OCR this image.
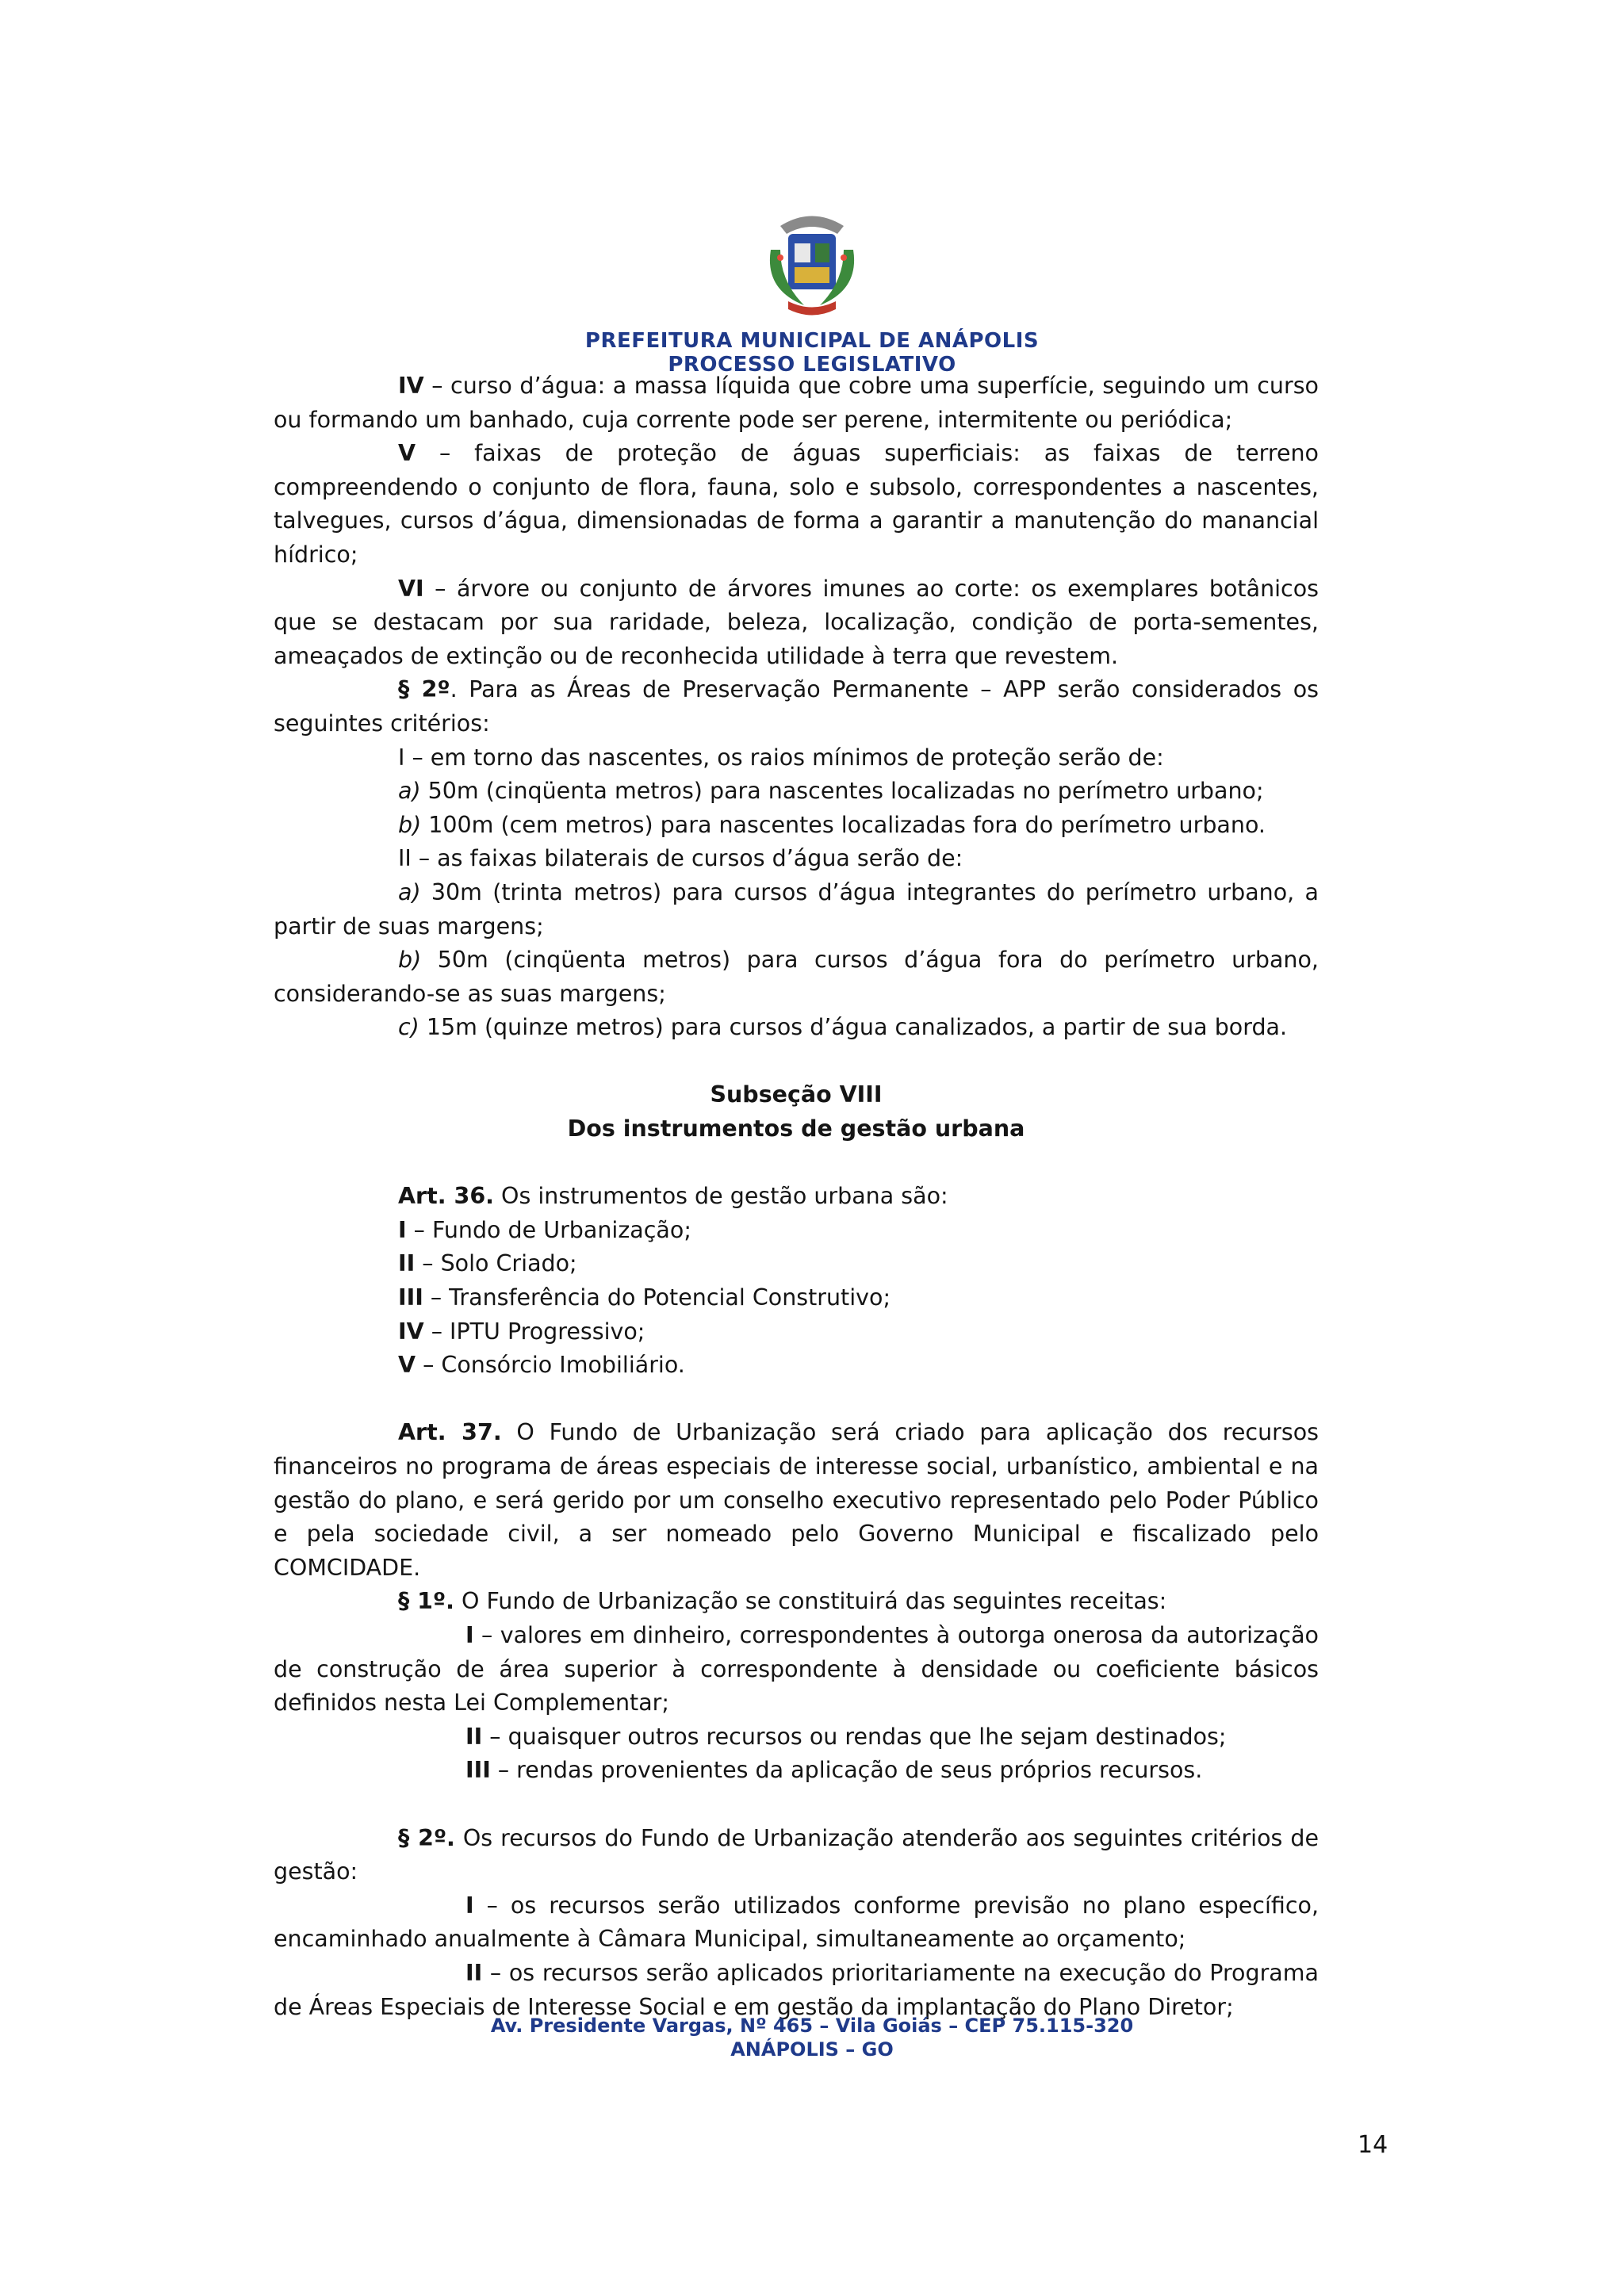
PREFEITURA MUNICIPAL DE ANÁPOLIS
PROCESSO LEGISLATIVO

IV – curso d’água: a massa líquida que cobre uma superfície, seguindo um curso ou formando um banhado, cuja corrente pode ser perene, intermitente ou periódica;

V – faixas de proteção de águas superficiais: as faixas de terreno compreendendo o conjunto de flora, fauna, solo e subsolo, correspondentes a nascentes, talvegues, cursos d’água, dimensionadas de forma a garantir a manutenção do manancial hídrico;

VI – árvore ou conjunto de árvores imunes ao corte: os exemplares botânicos que se destacam por sua raridade, beleza, localização, condição de porta-sementes, ameaçados de extinção ou de reconhecida utilidade à terra que revestem.

§ 2º. Para as Áreas de Preservação Permanente – APP serão considerados os seguintes critérios:

I – em torno das nascentes, os raios mínimos de proteção serão de:

a) 50m (cinqüenta metros) para nascentes localizadas no perímetro urbano;

b) 100m (cem metros) para nascentes localizadas fora do perímetro urbano.

II – as faixas bilaterais de cursos d’água serão de:

a) 30m (trinta metros) para cursos d’água integrantes do perímetro urbano, a partir de suas margens;

b) 50m (cinqüenta metros) para cursos d’água fora do perímetro urbano, considerando-se as suas margens;

c) 15m (quinze metros) para cursos d’água canalizados, a partir de sua borda.

Subseção VIII

Dos instrumentos de gestão urbana

Art. 36. Os instrumentos de gestão urbana são:

I – Fundo de Urbanização;

II – Solo Criado;

III – Transferência do Potencial Construtivo;

IV – IPTU Progressivo;

V – Consórcio Imobiliário.

Art. 37. O Fundo de Urbanização será criado para aplicação dos recursos financeiros no programa de áreas especiais de interesse social, urbanístico, ambiental e na gestão do plano, e será gerido por um conselho executivo representado pelo Poder Público e pela sociedade civil, a ser nomeado pelo Governo Municipal e fiscalizado pelo COMCIDADE.

§ 1º. O Fundo de Urbanização se constituirá das seguintes receitas:

I – valores em dinheiro, correspondentes à outorga onerosa da autorização de construção de área superior à correspondente à densidade ou coeficiente básicos definidos nesta Lei Complementar;

II – quaisquer outros recursos ou rendas que lhe sejam destinados;

III – rendas provenientes da aplicação de seus próprios recursos.

§ 2º. Os recursos do Fundo de Urbanização atenderão aos seguintes critérios de gestão:

I – os recursos serão utilizados conforme previsão no plano específico, encaminhado anualmente à Câmara Municipal, simultaneamente ao orçamento;

II – os recursos serão aplicados prioritariamente na execução do Programa de Áreas Especiais de Interesse Social e em gestão da implantação do Plano Diretor;

Av. Presidente Vargas, Nº 465 – Vila Goiás – CEP 75.115-320
ANÁPOLIS – GO
14
